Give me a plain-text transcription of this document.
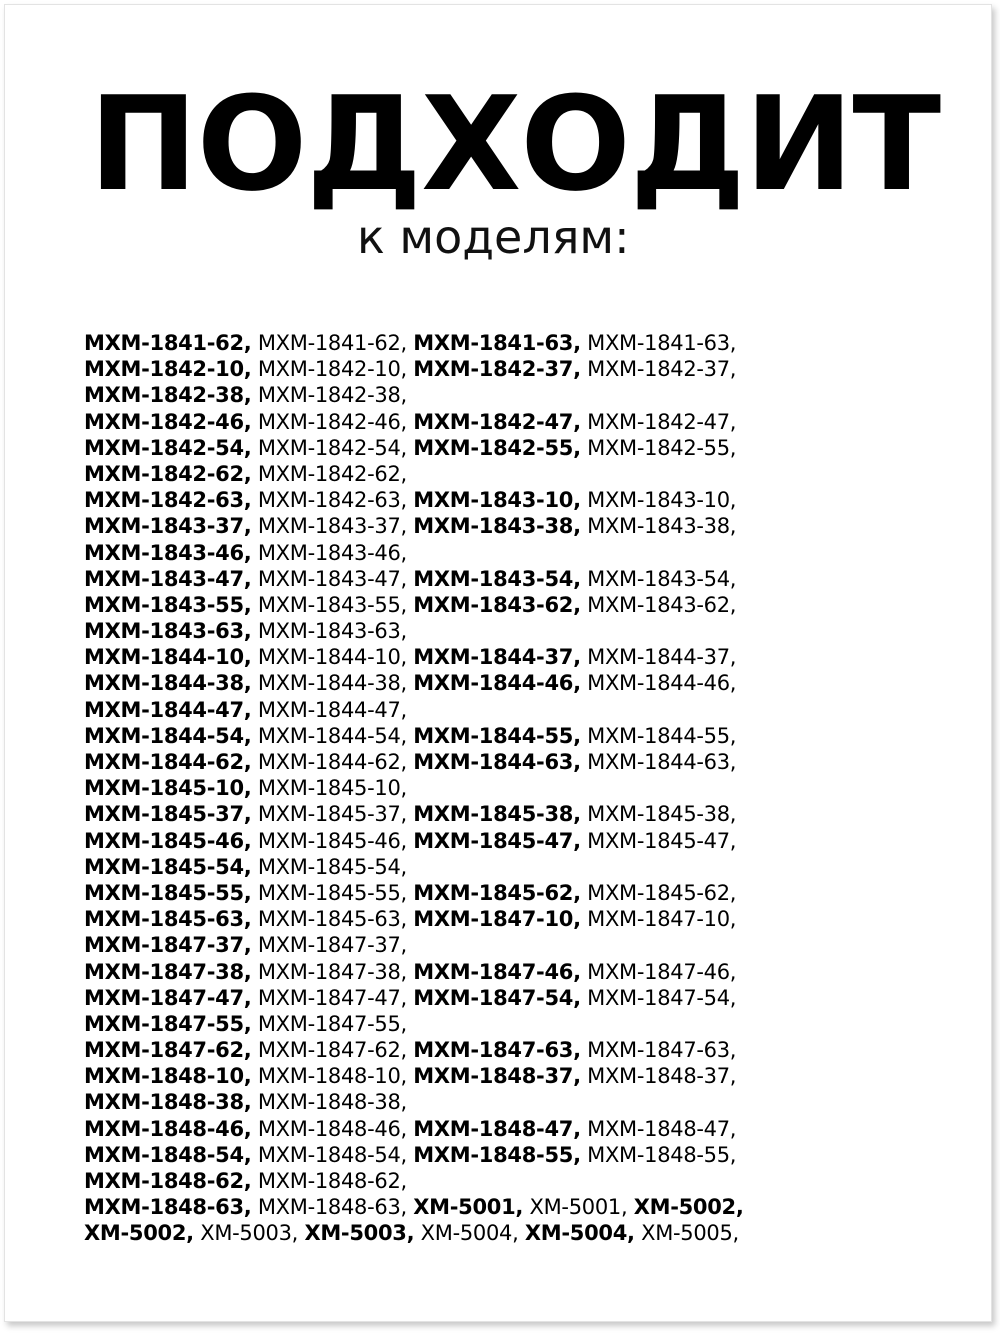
ПОДХОДИТ
к моделям:
MXM-1841-62, MXM-1841-62, MXM-1841-63, MXM-1841-63,
MXM-1842-10, MXM-1842-10, MXM-1842-37, MXM-1842-37,
MXM-1842-38, MXM-1842-38,
MXM-1842-46, MXM-1842-46, MXM-1842-47, MXM-1842-47,
MXM-1842-54, MXM-1842-54, MXM-1842-55, MXM-1842-55,
MXM-1842-62, MXM-1842-62,
MXM-1842-63, MXM-1842-63, MXM-1843-10, MXM-1843-10,
MXM-1843-37, MXM-1843-37, MXM-1843-38, MXM-1843-38,
MXM-1843-46, MXM-1843-46,
MXM-1843-47, MXM-1843-47, MXM-1843-54, MXM-1843-54,
MXM-1843-55, MXM-1843-55, MXM-1843-62, MXM-1843-62,
MXM-1843-63, MXM-1843-63,
MXM-1844-10, MXM-1844-10, MXM-1844-37, MXM-1844-37,
MXM-1844-38, MXM-1844-38, MXM-1844-46, MXM-1844-46,
MXM-1844-47, MXM-1844-47,
MXM-1844-54, MXM-1844-54, MXM-1844-55, MXM-1844-55,
MXM-1844-62, MXM-1844-62, MXM-1844-63, MXM-1844-63,
MXM-1845-10, MXM-1845-10,
MXM-1845-37, MXM-1845-37, MXM-1845-38, MXM-1845-38,
MXM-1845-46, MXM-1845-46, MXM-1845-47, MXM-1845-47,
MXM-1845-54, MXM-1845-54,
MXM-1845-55, MXM-1845-55, MXM-1845-62, MXM-1845-62,
MXM-1845-63, MXM-1845-63, MXM-1847-10, MXM-1847-10,
MXM-1847-37, MXM-1847-37,
MXM-1847-38, MXM-1847-38, MXM-1847-46, MXM-1847-46,
MXM-1847-47, MXM-1847-47, MXM-1847-54, MXM-1847-54,
MXM-1847-55, MXM-1847-55,
MXM-1847-62, MXM-1847-62, MXM-1847-63, MXM-1847-63,
MXM-1848-10, MXM-1848-10, MXM-1848-37, MXM-1848-37,
MXM-1848-38, MXM-1848-38,
MXM-1848-46, MXM-1848-46, MXM-1848-47, MXM-1848-47,
MXM-1848-54, MXM-1848-54, MXM-1848-55, MXM-1848-55,
MXM-1848-62, MXM-1848-62,
MXM-1848-63, MXM-1848-63, XM-5001, XM-5001, XM-5002,
XM-5002, XM-5003, XM-5003, XM-5004, XM-5004, XM-5005,
